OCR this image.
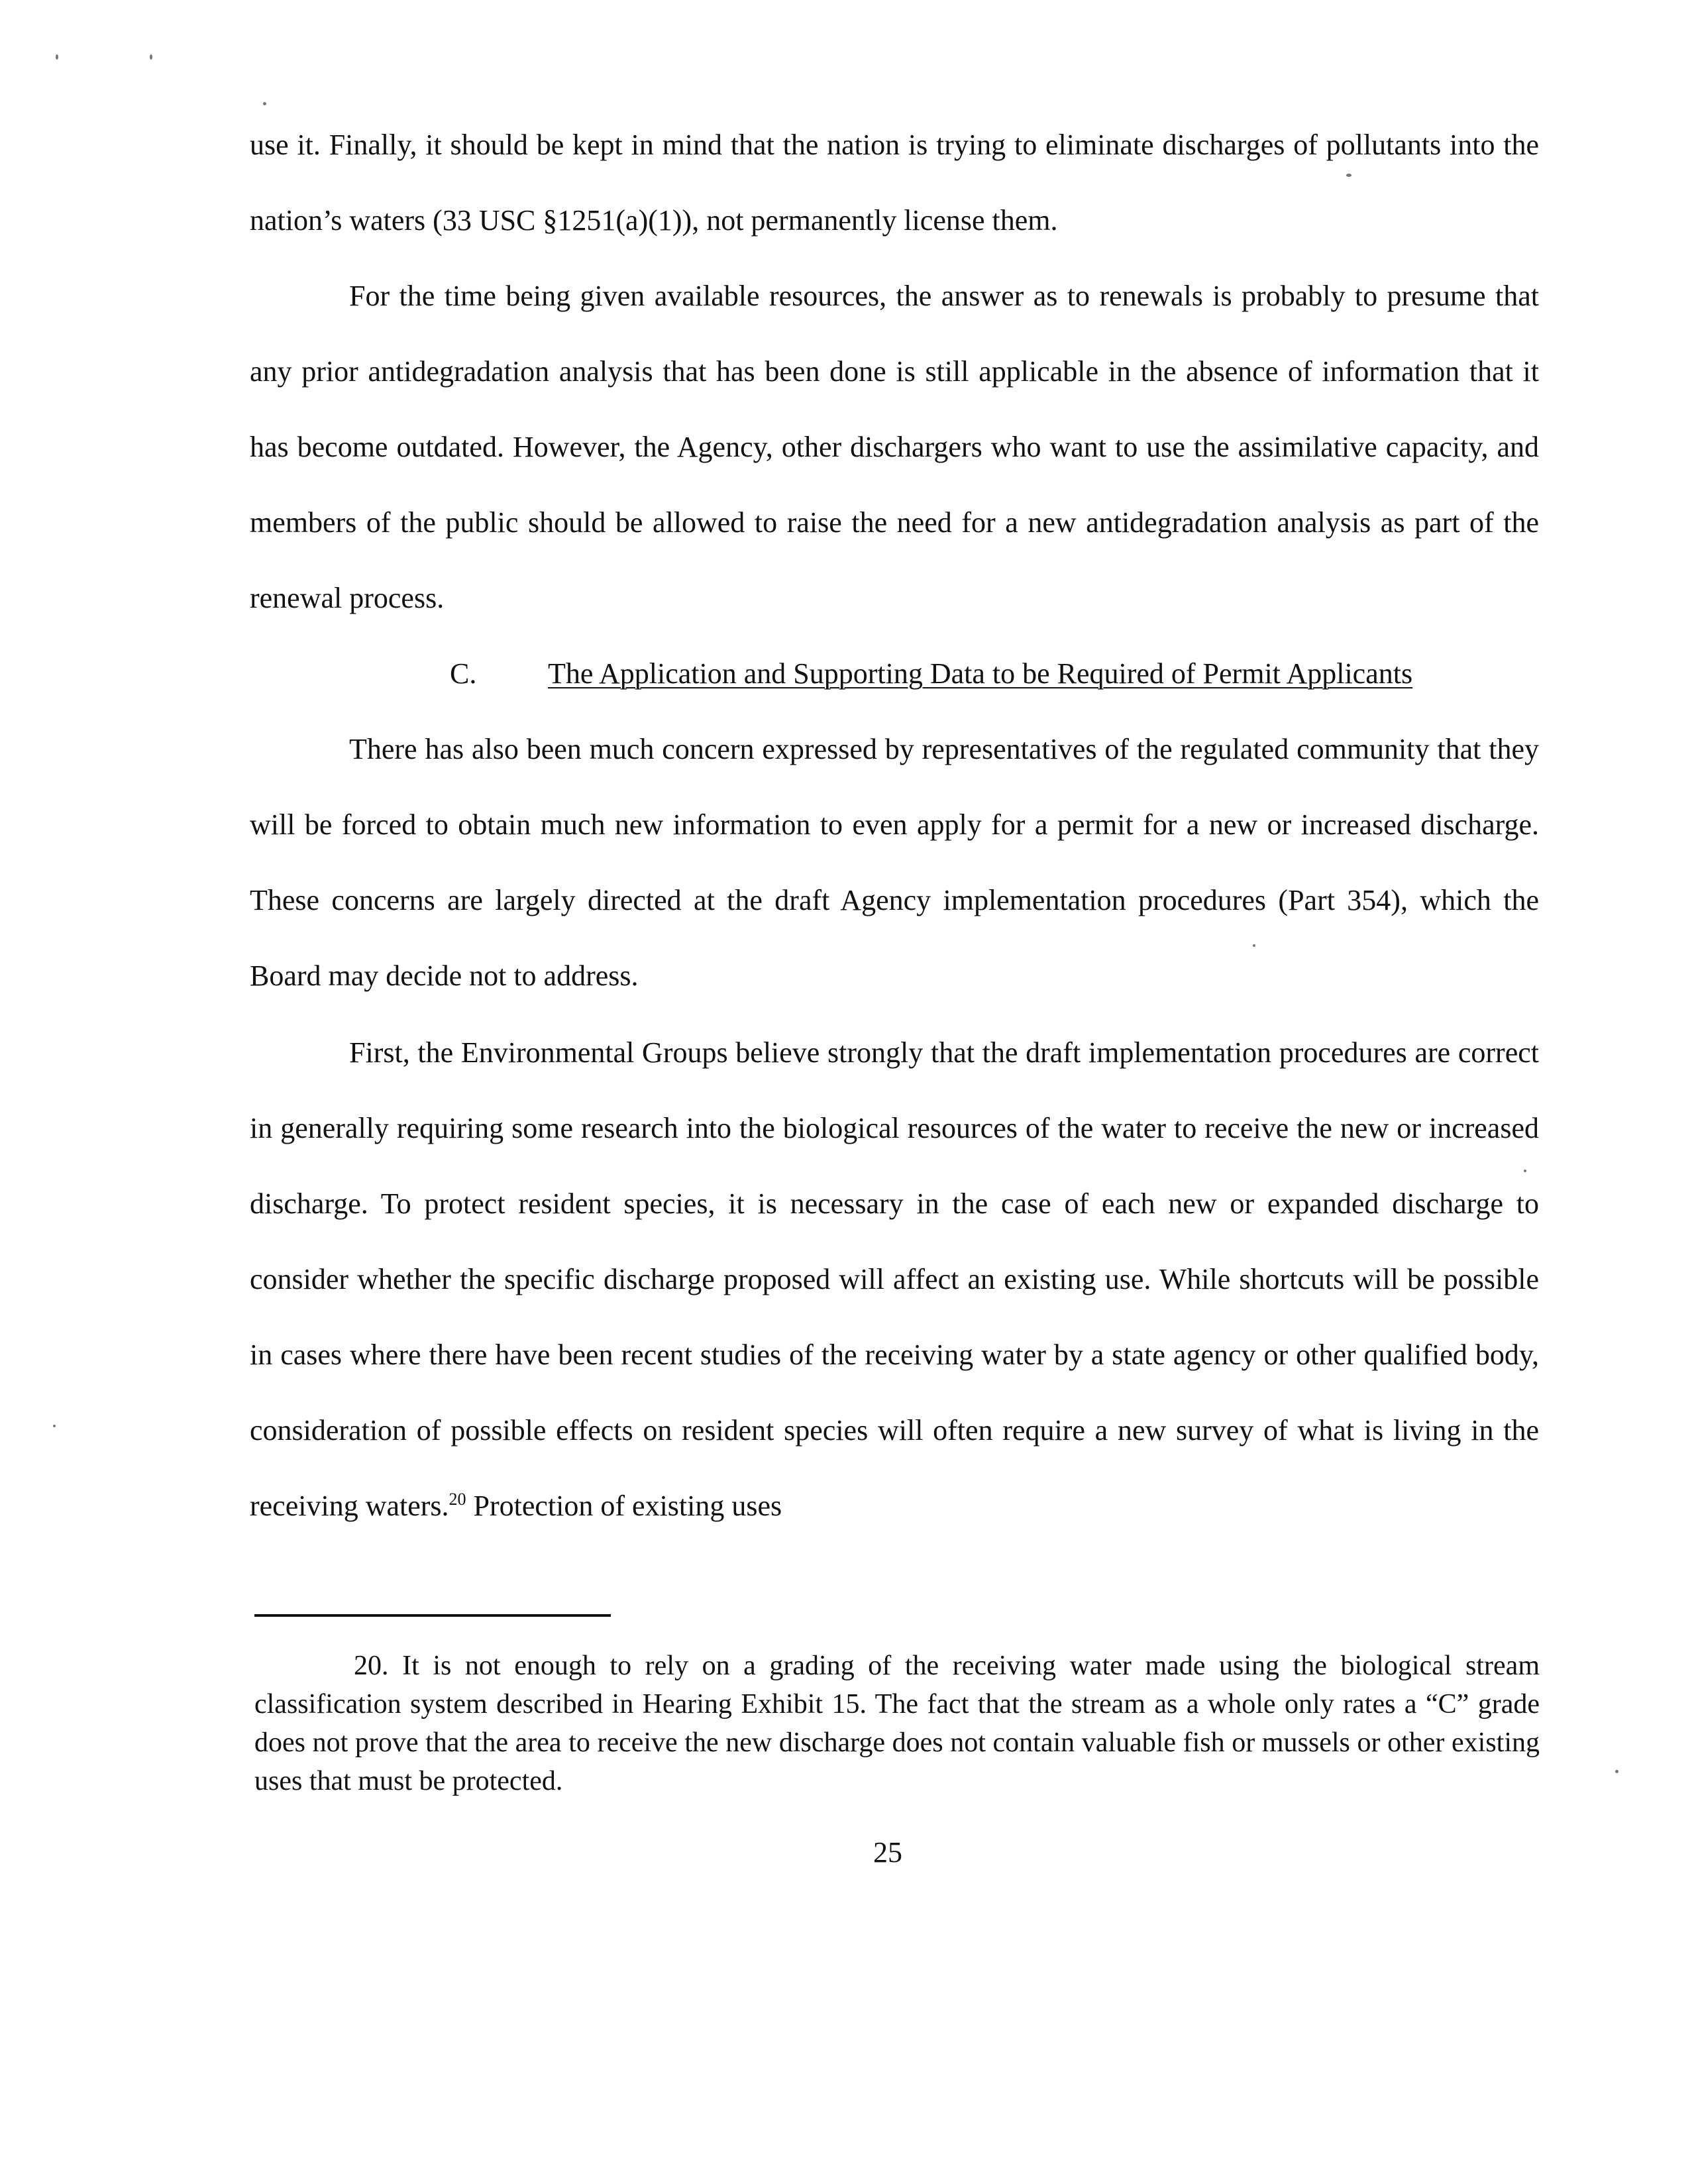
use it. Finally, it should be kept in mind that the nation is trying to eliminate discharges of pollutants into the nation’s waters (33 USC §1251(a)(1)), not permanently license them.

For the time being given available resources, the answer as to renewals is probably to presume that any prior antidegradation analysis that has been done is still applicable in the absence of information that it has become outdated. However, the Agency, other dischargers who want to use the assimilative capacity, and members of the public should be allowed to raise the need for a new antidegradation analysis as part of the renewal process.

C. The Application and Supporting Data to be Required of Permit Applicants

There has also been much concern expressed by representatives of the regulated community that they will be forced to obtain much new information to even apply for a permit for a new or increased discharge. These concerns are largely directed at the draft Agency implementation procedures (Part 354), which the Board may decide not to address.

First, the Environmental Groups believe strongly that the draft implementation procedures are correct in generally requiring some research into the biological resources of the water to receive the new or increased discharge. To protect resident species, it is necessary in the case of each new or expanded discharge to consider whether the specific discharge proposed will affect an existing use. While shortcuts will be possible in cases where there have been recent studies of the receiving water by a state agency or other qualified body, consideration of possible effects on resident species will often require a new survey of what is living in the receiving waters.$^{20}$ Protection of existing uses

20. It is not enough to rely on a grading of the receiving water made using the biological stream classification system described in Hearing Exhibit 15. The fact that the stream as a whole only rates a “C” grade does not prove that the area to receive the new discharge does not contain valuable fish or mussels or other existing uses that must be protected.

25
